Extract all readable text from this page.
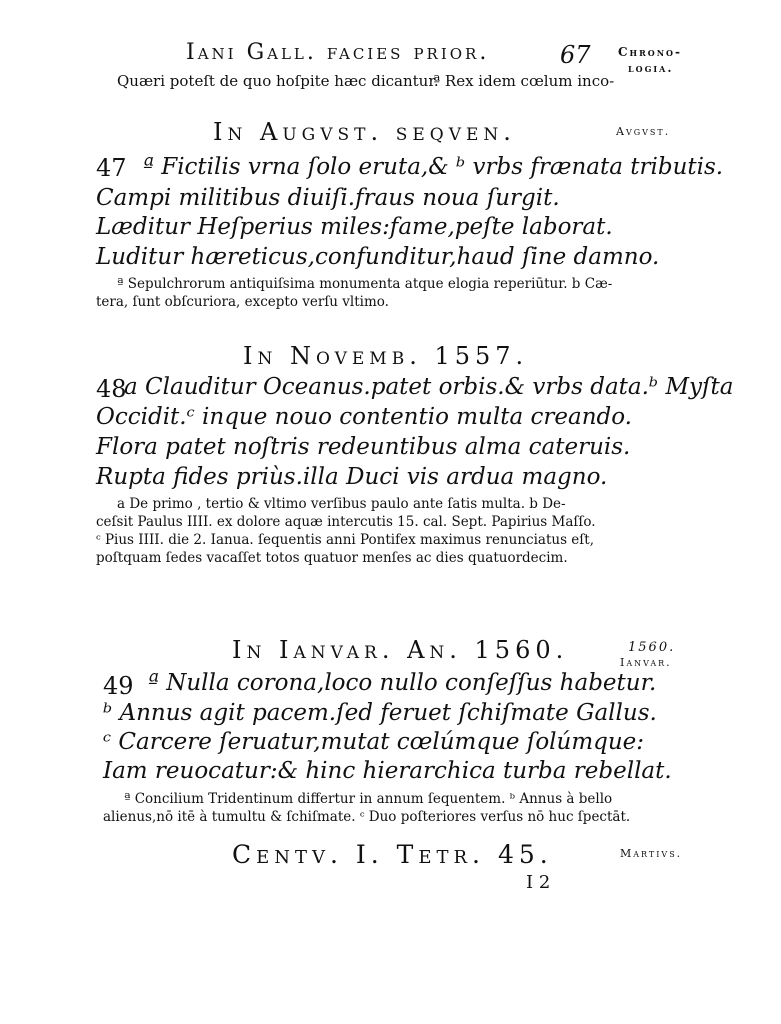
Iani Gall. facies prior.	67 Chrono-
logia.
Quæri poteſt de quo hoſpite hæc dicantur.
ª Rex idem cœlum inco-
In Augvst. seqven.	Avgvst.
47 ª Fictilis vrna ſolo eruta,& ᵇ vrbs frænata tributis.
Campi militibus diuiſi.fraus noua ſurgit.
Læditur Heſperius miles:fame,peſte laborat.
Luditur hæreticus,confunditur,haud ſine damno.
ª Sepulchrorum antiquiſsima monumenta atque elogia reperiūtur. b Cæ-
tera, ſunt obſcuriora, excepto verſu vltimo.
In Novemb. 1557.
48
a Clauditur Oceanus.patet orbis.& vrbs data.ᵇ Myſta
Occidit.ᶜ inque nouo contentio multa creando.
Flora patet noſtris redeuntibus alma cateruis.
Rupta fides priùs.illa Duci vis ardua magno.
a De primo , tertio & vltimo verſibus paulo ante ſatis multa. b De-
ceſsit Paulus IIII. ex dolore aquæ intercutis 15. cal. Sept. Papirius Maſſo.
ᶜ Pius IIII. die 2. Ianua. ſequentis anni Pontifex maximus renunciatus eſt,
poſtquam ſedes vacaſſet totos quatuor menſes ac dies quatuordecim.
In Ianvar. An. 1560.	1560.
Ianvar.
49 ª Nulla corona,loco nullo conſeſſus habetur.
ᵇ Annus agit pacem.ſed feruet ſchiſmate Gallus.
ᶜ Carcere ſeruatur,mutat cœlúmque ſolúmque:
Iam reuocatur:& hinc hierarchica turba rebellat.
ª Concilium Tridentinum differtur in annum ſequentem. ᵇ Annus à bello
alienus,nō itē à tumultu & ſchiſmate. ᶜ Duo poſteriores verſus nō huc ſpectāt.
Centv. I. Tetr. 45.	Martivs.
I 2
